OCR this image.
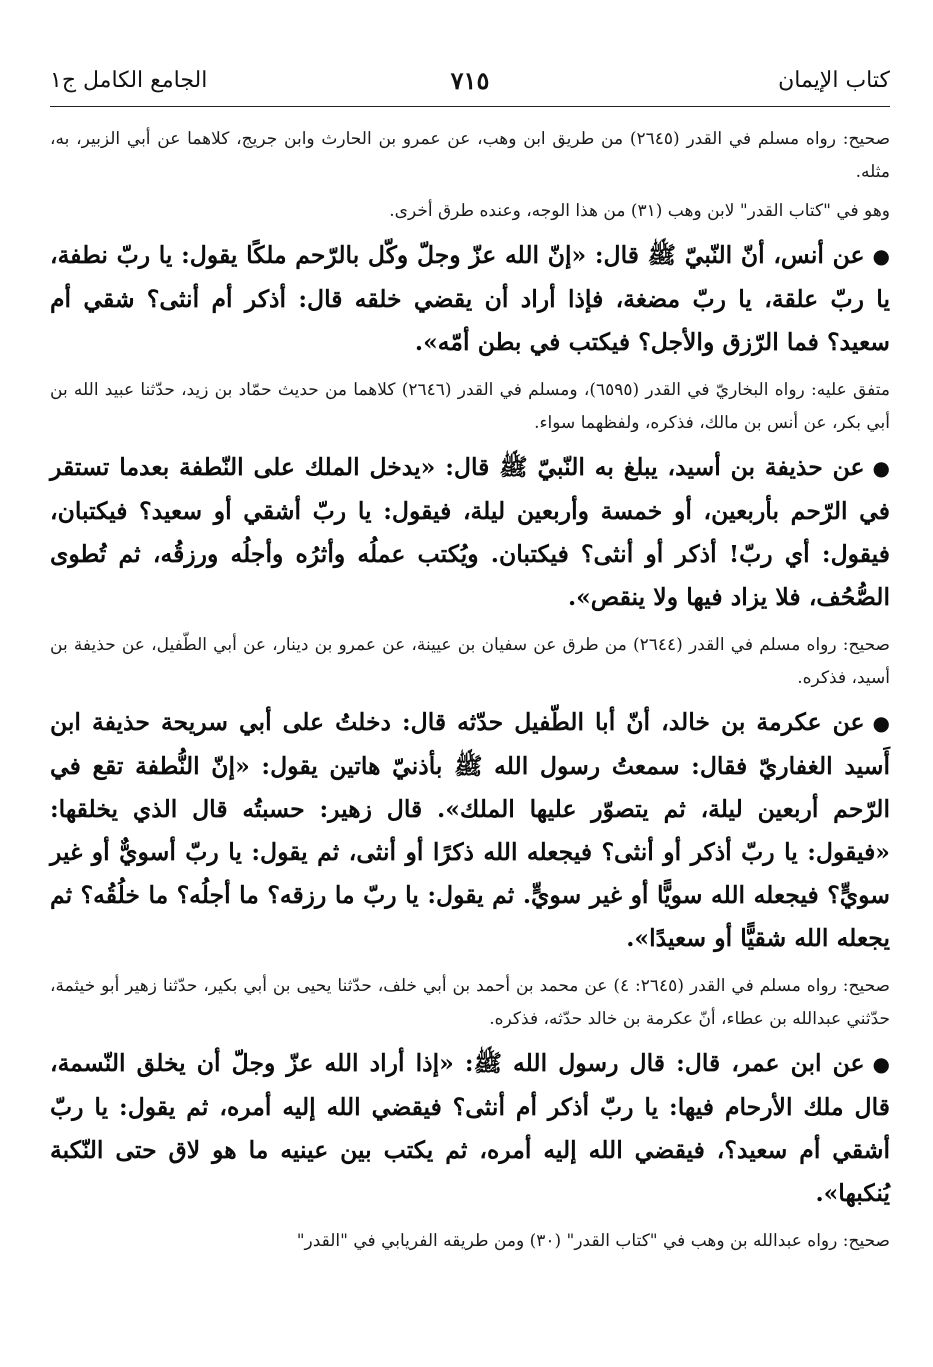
كتاب الإيمان
٧١٥
الجامع الكامل ج١

صحيح: رواه مسلم في القدر (٢٦٤٥) من طريق ابن وهب، عن عمرو بن الحارث وابن جريج، كلاهما عن أبي الزبير، به، مثله.

وهو في "كتاب القدر" لابن وهب (٣١) من هذا الوجه، وعنده طرق أخرى.

●عن أنس، أنّ النّبيّ ﷺ قال: «إنّ الله عزّ وجلّ وكّل بالرّحم ملكًا يقول: يا ربّ نطفة، يا ربّ علقة، يا ربّ مضغة، فإذا أراد أن يقضي خلقه قال: أذكر أم أنثى؟ شقي أم سعيد؟ فما الرّزق والأجل؟ فيكتب في بطن أمّه».

متفق عليه: رواه البخاريّ في القدر (٦٥٩٥)، ومسلم في القدر (٢٦٤٦) كلاهما من حديث حمّاد بن زيد، حدّثنا عبيد الله بن أبي بكر، عن أنس بن مالك، فذكره، ولفظهما سواء.

●عن حذيفة بن أسيد، يبلغ به النّبيّ ﷺ قال: «يدخل الملك على النّطفة بعدما تستقر في الرّحم بأربعين، أو خمسة وأربعين ليلة، فيقول: يا ربّ أشقي أو سعيد؟ فيكتبان، فيقول: أي ربّ! أذكر أو أنثى؟ فيكتبان. ويُكتب عملُه وأثرُه وأجلُه ورزقُه، ثم تُطوى الصُّحُف، فلا يزاد فيها ولا ينقص».

صحيح: رواه مسلم في القدر (٢٦٤٤) من طرق عن سفيان بن عيينة، عن عمرو بن دينار، عن أبي الطّفيل، عن حذيفة بن أسيد، فذكره.

●عن عكرمة بن خالد، أنّ أبا الطّفيل حدّثه قال: دخلتُ على أبي سريحة حذيفة ابن أَسيد الغفاريّ فقال: سمعتُ رسول الله ﷺ بأذنيّ هاتين يقول: «إنّ النُّطفة تقع في الرّحم أربعين ليلة، ثم يتصوّر عليها الملك». قال زهير: حسبتُه قال الذي يخلقها: «فيقول: يا ربّ أذكر أو أنثى؟ فيجعله الله ذكرًا أو أنثى، ثم يقول: يا ربّ أسويٌّ أو غير سويٍّ؟ فيجعله الله سويًّا أو غير سويٍّ. ثم يقول: يا ربّ ما رزقه؟ ما أجلُه؟ ما خلُقُه؟ ثم يجعله الله شقيًّا أو سعيدًا».

صحيح: رواه مسلم في القدر (٢٦٤٥: ٤) عن محمد بن أحمد بن أبي خلف، حدّثنا يحيى بن أبي بكير، حدّثنا زهير أبو خيثمة، حدّثني عبدالله بن عطاء، أنّ عكرمة بن خالد حدّثه، فذكره.

●عن ابن عمر، قال: قال رسول الله ﷺ: «إذا أراد الله عزّ وجلّ أن يخلق النّسمة، قال ملك الأرحام فيها: يا ربّ أذكر أم أنثى؟ فيقضي الله إليه أمره، ثم يقول: يا ربّ أشقي أم سعيد؟، فيقضي الله إليه أمره، ثم يكتب بين عينيه ما هو لاق حتى النّكبة يُنكبها».

صحيح: رواه عبدالله بن وهب في "كتاب القدر" (٣٠) ومن طريقه الفريابي في "القدر"
